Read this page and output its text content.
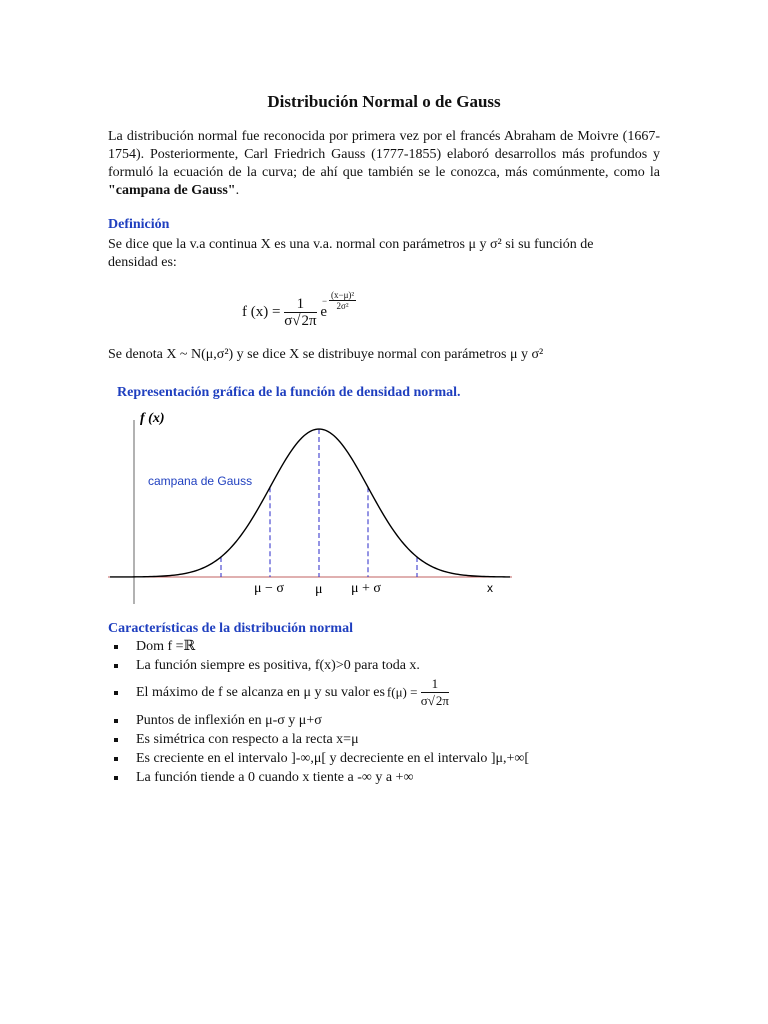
Distribución Normal o de Gauss
La distribución normal fue reconocida por primera vez por el francés Abraham de Moivre (1667-1754). Posteriormente, Carl Friedrich Gauss (1777-1855) elaboró desarrollos más profundos y formuló la ecuación de la curva; de ahí que también se le conozca, más comúnmente, como la "campana de Gauss".
Definición
Se dice que la v.a continua X es una v.a. normal con parámetros μ y σ² si su función de
densidad es:
f $(x) = \frac{1}{\sigma√2\pi}$ e
−
(x−μ)²
2σ²
Se denota X ~ N(μ,σ²) y se dice X se distribuye normal con parámetros μ y σ²
Representación gráfica de la función de densidad normal.
f (x)
campana de Gauss
x
μ − σ μ μ + σ
Características de la distribución normal
Dom f =ℝ
La función siempre es positiva, f(x)>0 para toda x.
El máximo de f se alcanza en μ y su valor es $f(\mu) = \frac{1}{\sigma√2\pi}$
Puntos de inflexión en μ-σ y μ+σ
Es simétrica con respecto a la recta x=μ
Es creciente en el intervalo ]-∞,μ[ y decreciente en el intervalo ]μ,+∞[
La función tiende a 0 cuando x tiente a -∞ y a +∞
